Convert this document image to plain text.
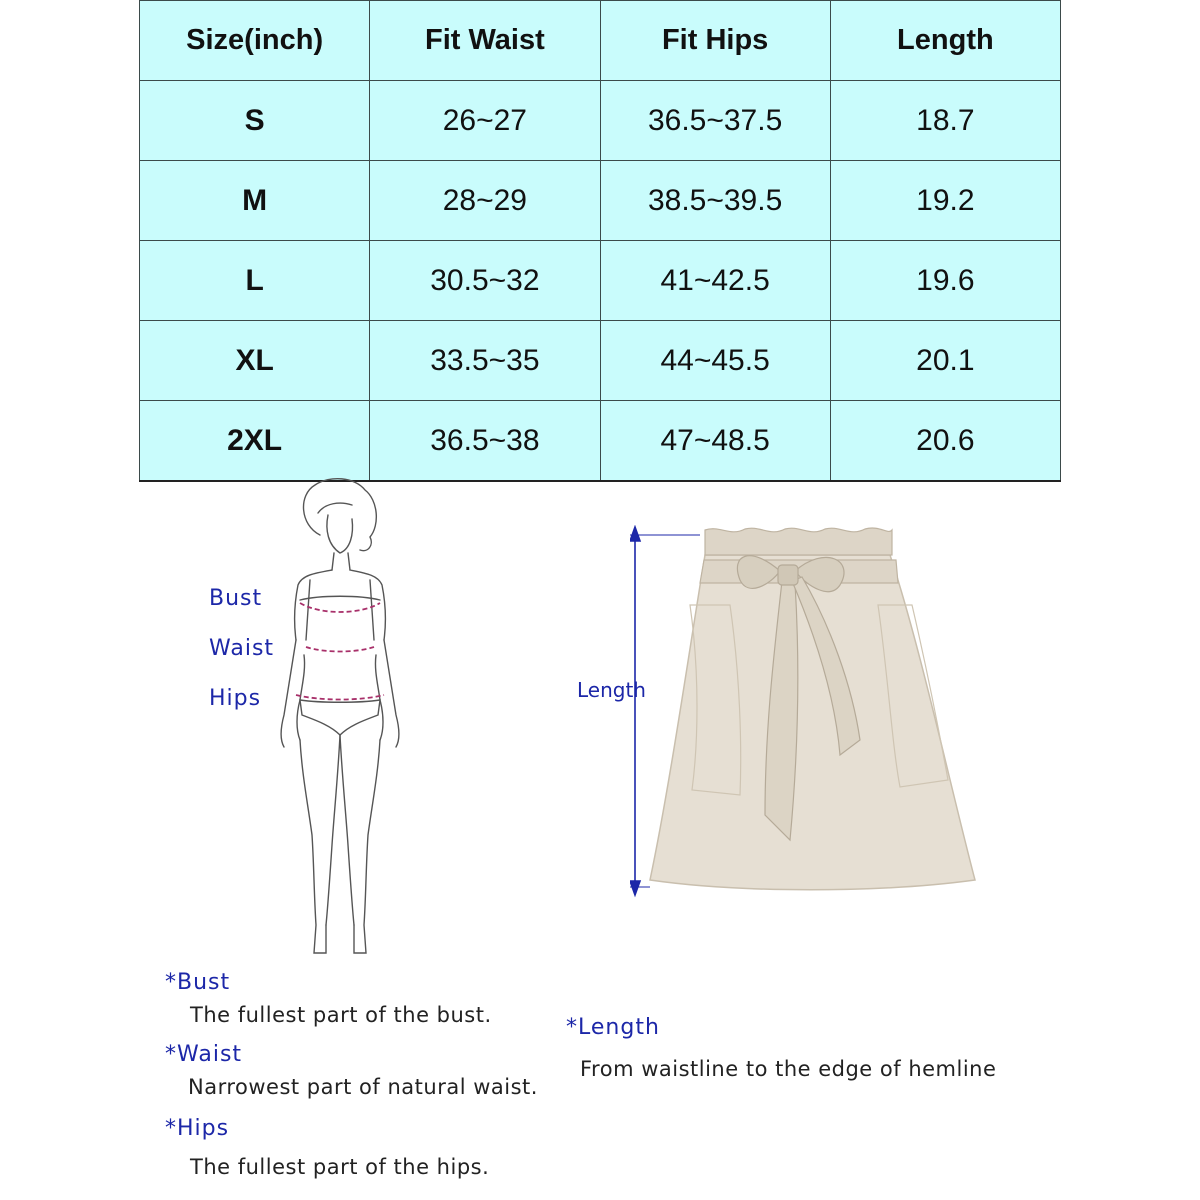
Size(inch)	Fit Waist	Fit Hips	Length
S	26~27	36.5~37.5	18.7
M	28~29	38.5~39.5	19.2
L	30.5~32	41~42.5	19.6
XL	33.5~35	44~45.5	20.1
2XL	36.5~38	47~48.5	20.6
Bust
Waist
Hips	Length
*Bust
The fullest part of the bust.
*Waist
Narrowest part of natural waist.
*Hips
The fullest part of the hips.
*Length
From waistline to the edge of hemline
